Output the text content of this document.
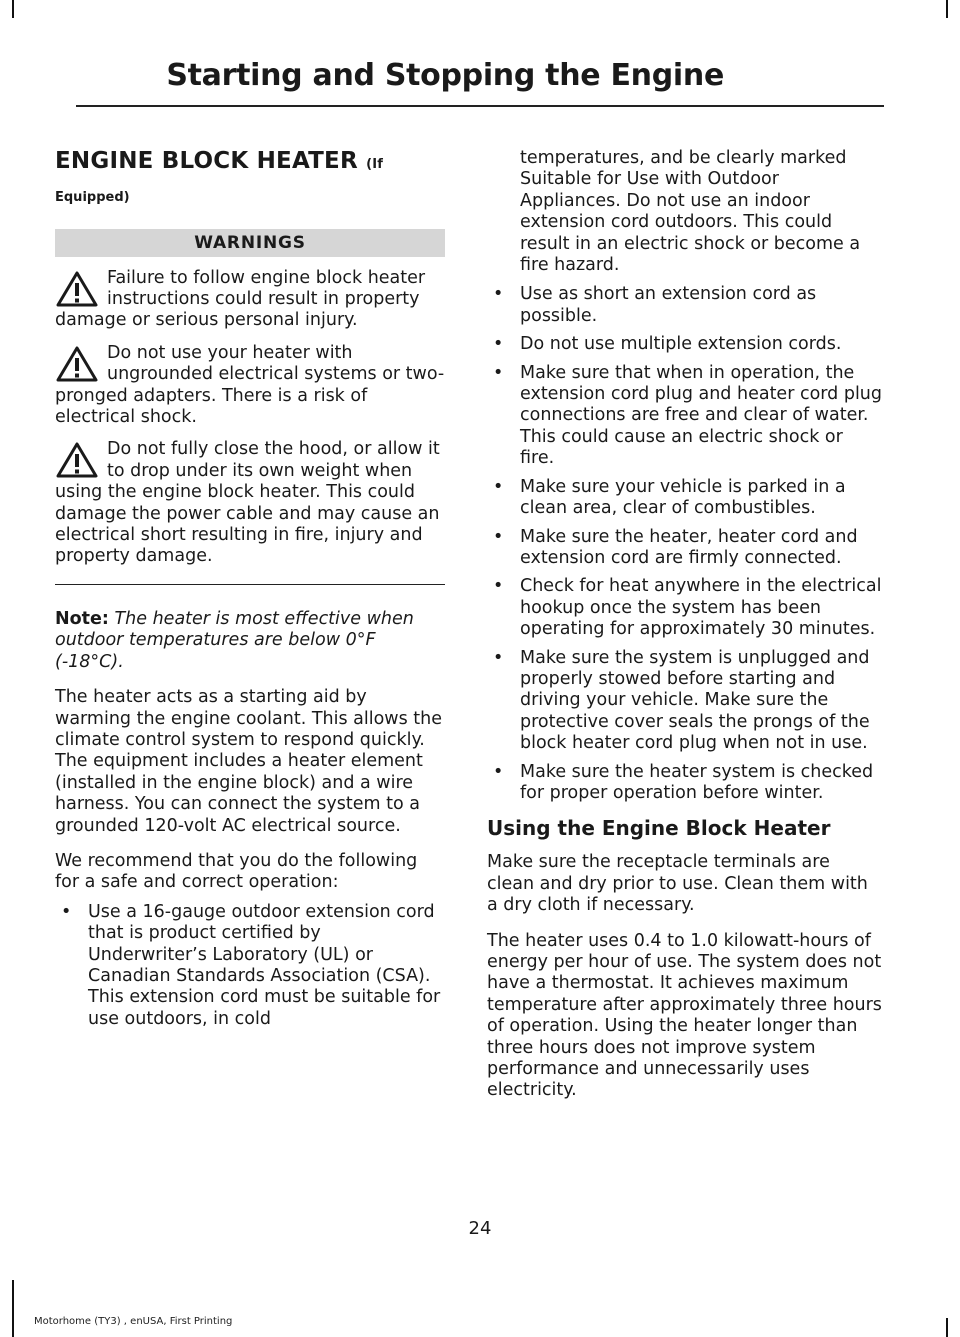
Starting and Stopping the Engine
ENGINE BLOCK HEATER (If
Equipped)
WARNINGS
Failure to follow engine block heater instructions could result in property damage or serious personal injury.
Do not use your heater with ungrounded electrical systems or two-pronged adapters. There is a risk of electrical shock.
Do not fully close the hood, or allow it to drop under its own weight when using the engine block heater. This could damage the power cable and may cause an electrical short resulting in fire, injury and property damage.

Note: The heater is most effective when outdoor temperatures are below 0°F (-18°C).

The heater acts as a starting aid by warming the engine coolant. This allows the climate control system to respond quickly. The equipment includes a heater element (installed in the engine block) and a wire harness. You can connect the system to a grounded 120-volt AC electrical source.

We recommend that you do the following for a safe and correct operation:

• Use a 16-gauge outdoor extension cord that is product certified by Underwriter’s Laboratory (UL) or Canadian Standards Association (CSA). This extension cord must be suitable for use outdoors, in cold

temperatures, and be clearly marked Suitable for Use with Outdoor Appliances. Do not use an indoor extension cord outdoors. This could result in an electric shock or become a fire hazard.

• Use as short an extension cord as possible.
• Do not use multiple extension cords.
• Make sure that when in operation, the extension cord plug and heater cord plug connections are free and clear of water. This could cause an electric shock or fire.
• Make sure your vehicle is parked in a clean area, clear of combustibles.
• Make sure the heater, heater cord and extension cord are firmly connected.
• Check for heat anywhere in the electrical hookup once the system has been operating for approximately 30 minutes.
• Make sure the system is unplugged and properly stowed before starting and driving your vehicle. Make sure the protective cover seals the prongs of the block heater cord plug when not in use.
• Make sure the heater system is checked for proper operation before winter.
Using the Engine Block Heater

Make sure the receptacle terminals are clean and dry prior to use. Clean them with a dry cloth if necessary.

The heater uses 0.4 to 1.0 kilowatt-hours of energy per hour of use. The system does not have a thermostat. It achieves maximum temperature after approximately three hours of operation. Using the heater longer than three hours does not improve system performance and unnecessarily uses electricity.

24
Motorhome (TY3) , enUSA, First Printing
